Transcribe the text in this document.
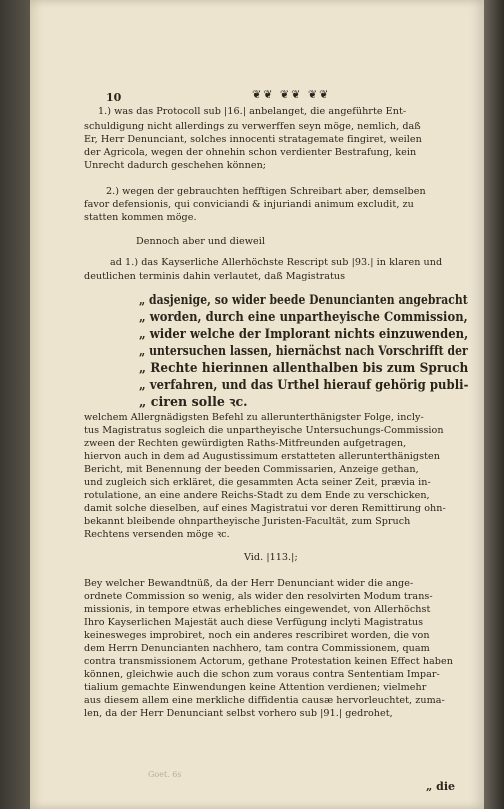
10	❦❦ ❦❦ ❦❦
1.) was das Protocoll sub |16.| anbelanget, die angeführte Ent-
schuldigung nicht allerdings zu verwerffen seyn möge, nemlich, daß
Er, Herr Denunciant, solches innocenti stratagemate fingiret, weilen
der Agricola, wegen der ohnehin schon verdienter Bestrafung, kein
Unrecht dadurch geschehen können;
2.) wegen der gebrauchten hefftigen Schreibart aber, demselben
favor defensionis, qui conviciandi & injuriandi animum excludit, zu
statten kommen möge.
Dennoch aber und dieweil
ad 1.) das Kayserliche Allerhöchste Rescript sub |93.| in klaren und
deutlichen terminis dahin verlautet, daß Magistratus
„ dasjenige, so wider beede Denuncianten angebracht
„ worden, durch eine unpartheyische Commission,
„ wider welche der Implorant nichts einzuwenden,
„ untersuchen lassen, hiernächst nach Vorschrifft der
„ Rechte hierinnen allenthalben bis zum Spruch
„ verfahren, und das Urthel hierauf gehörig publi-
„ ciren solle ꝛc.
welchem Allergnädigsten Befehl zu allerunterthänigster Folge, incly-
tus Magistratus sogleich die unpartheyische Untersuchungs-Commission
zween der Rechten gewürdigten Raths-Mitfreunden aufgetragen,
hiervon auch in dem ad Augustissimum erstatteten allerunterthänigsten
Bericht, mit Benennung der beeden Commissarien, Anzeige gethan,
und zugleich sich erkläret, die gesammten Acta seiner Zeit, prævia in-
rotulatione, an eine andere Reichs-Stadt zu dem Ende zu verschicken,
damit solche dieselben, auf eines Magistratui vor deren Remittirung ohn-
bekannt bleibende ohnpartheyische Juristen-Facultät, zum Spruch
Rechtens versenden möge ꝛc.
Vid. |113.|;
Bey welcher Bewandtnüß, da der Herr Denunciant wider die ange-
ordnete Commission so wenig, als wider den resolvirten Modum trans-
missionis, in tempore etwas erhebliches eingewendet, von Allerhöchst
Ihro Kayserlichen Majestät auch diese Verfügung inclyti Magistratus
keinesweges improbiret, noch ein anderes rescribiret worden, die von
dem Herrn Denuncianten nachhero, tam contra Commissionem, quam
contra transmissionem Actorum, gethane Protestation keinen Effect haben
können, gleichwie auch die schon zum voraus contra Sententiam Impar-
tialium gemachte Einwendungen keine Attention verdienen; vielmehr
aus diesem allem eine merkliche diffidentia causæ hervorleuchtet, zuma-
len, da der Herr Denunciant selbst vorhero sub |91.| gedrohet,
Goet. 6s
„ die
